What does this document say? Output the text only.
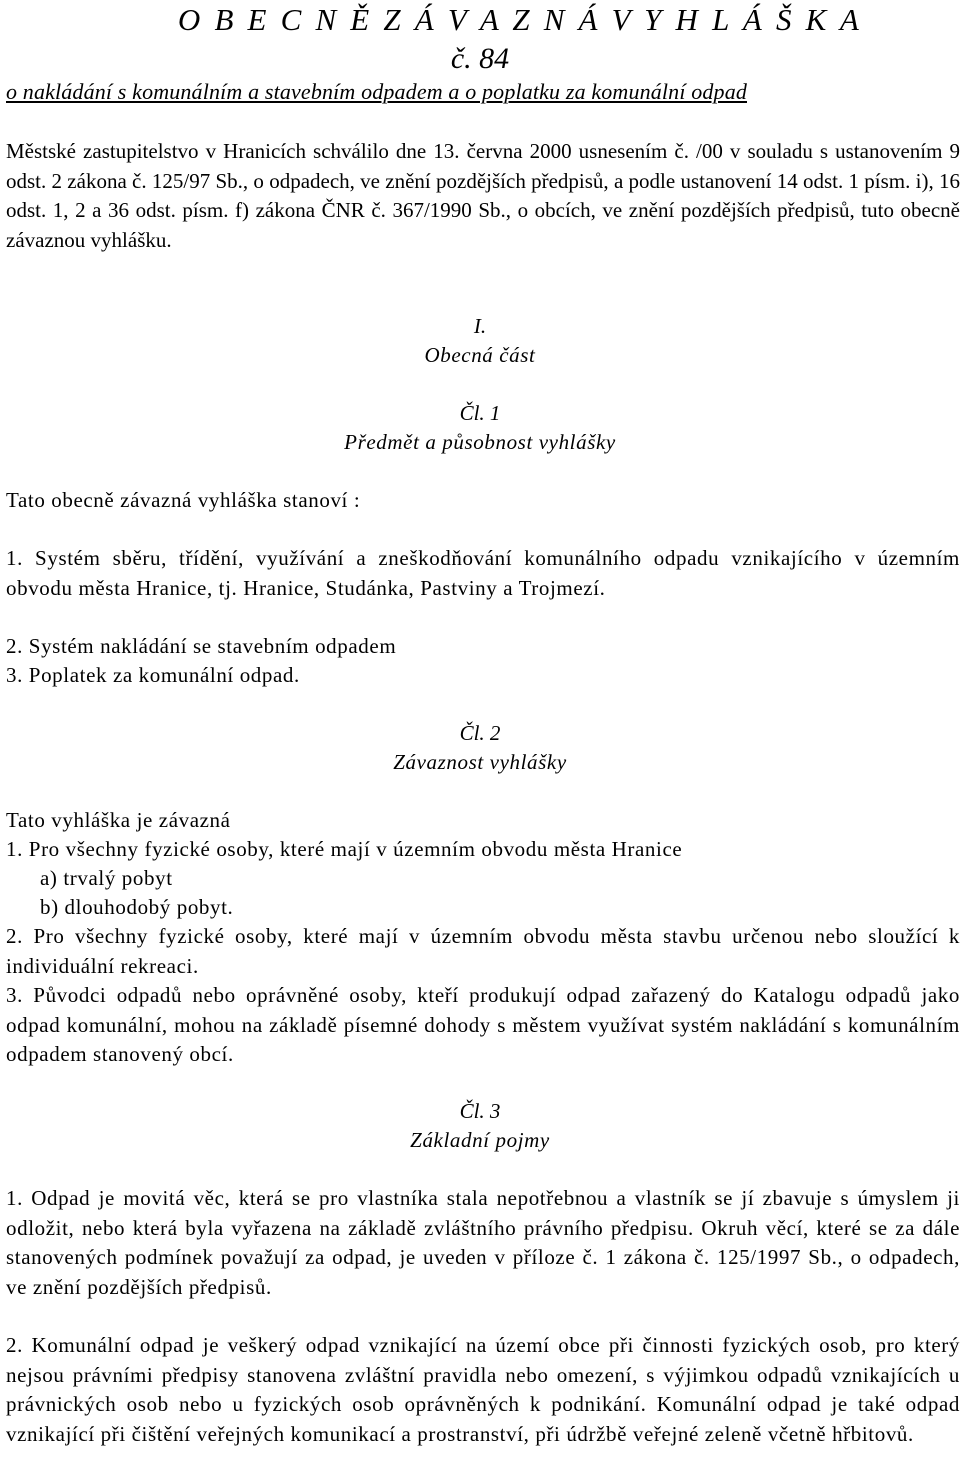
O B E C N Ě Z Á V A Z N Á V Y H L Á Š K A
č. 84
o nakládání s komunálním a stavebním odpadem a o poplatku za komunální odpad

Městské zastupitelstvo v Hranicích schválilo dne 13. června 2000 usnesením č. /00 v souladu s ustanovením 9 odst. 2 zákona č. 125/97 Sb., o odpadech, ve znění pozdějších předpisů, a podle ustanovení 14 odst. 1 písm. i), 16 odst. 1, 2 a 36 odst. písm. f) zákona ČNR č. 367/1990 Sb., o obcích, ve znění pozdějších předpisů, tuto obecně závaznou vyhlášku.

I.
Obecná část
Čl. 1
Předmět a působnost vyhlášky
Tato obecně závazná vyhláška stanoví :

1. Systém sběru, třídění, využívání a zneškodňování komunálního odpadu vznikajícího v územním obvodu města Hranice, tj. Hranice, Studánka, Pastviny a Trojmezí.

2. Systém nakládání se stavebním odpadem
3. Poplatek za komunální odpad.
Čl. 2
Závaznost vyhlášky
Tato vyhláška je závazná
1. Pro všechny fyzické osoby, které mají v územním obvodu města Hranice
a) trvalý pobyt
b) dlouhodobý pobyt.

2. Pro všechny fyzické osoby, které mají v územním obvodu města stavbu určenou nebo sloužící k individuální rekreaci.

3. Původci odpadů nebo oprávněné osoby, kteří produkují odpad zařazený do Katalogu odpadů jako odpad komunální, mohou na základě písemné dohody s městem využívat systém nakládání s komunálním odpadem stanovený obcí.

Čl. 3
Základní pojmy

1. Odpad je movitá věc, která se pro vlastníka stala nepotřebnou a vlastník se jí zbavuje s úmyslem ji odložit, nebo která byla vyřazena na základě zvláštního právního předpisu. Okruh věcí, které se za dále stanovených podmínek považují za odpad, je uveden v příloze č. 1 zákona č. 125/1997 Sb., o odpadech, ve znění pozdějších předpisů.

2. Komunální odpad je veškerý odpad vznikající na území obce při činnosti fyzických osob, pro který nejsou právními předpisy stanovena zvláštní pravidla nebo omezení, s výjimkou odpadů vznikajících u právnických osob nebo u fyzických osob oprávněných k podnikání. Komunální odpad je také odpad vznikající při čištění veřejných komunikací a prostranství, při údržbě veřejné zeleně včetně hřbitovů.
